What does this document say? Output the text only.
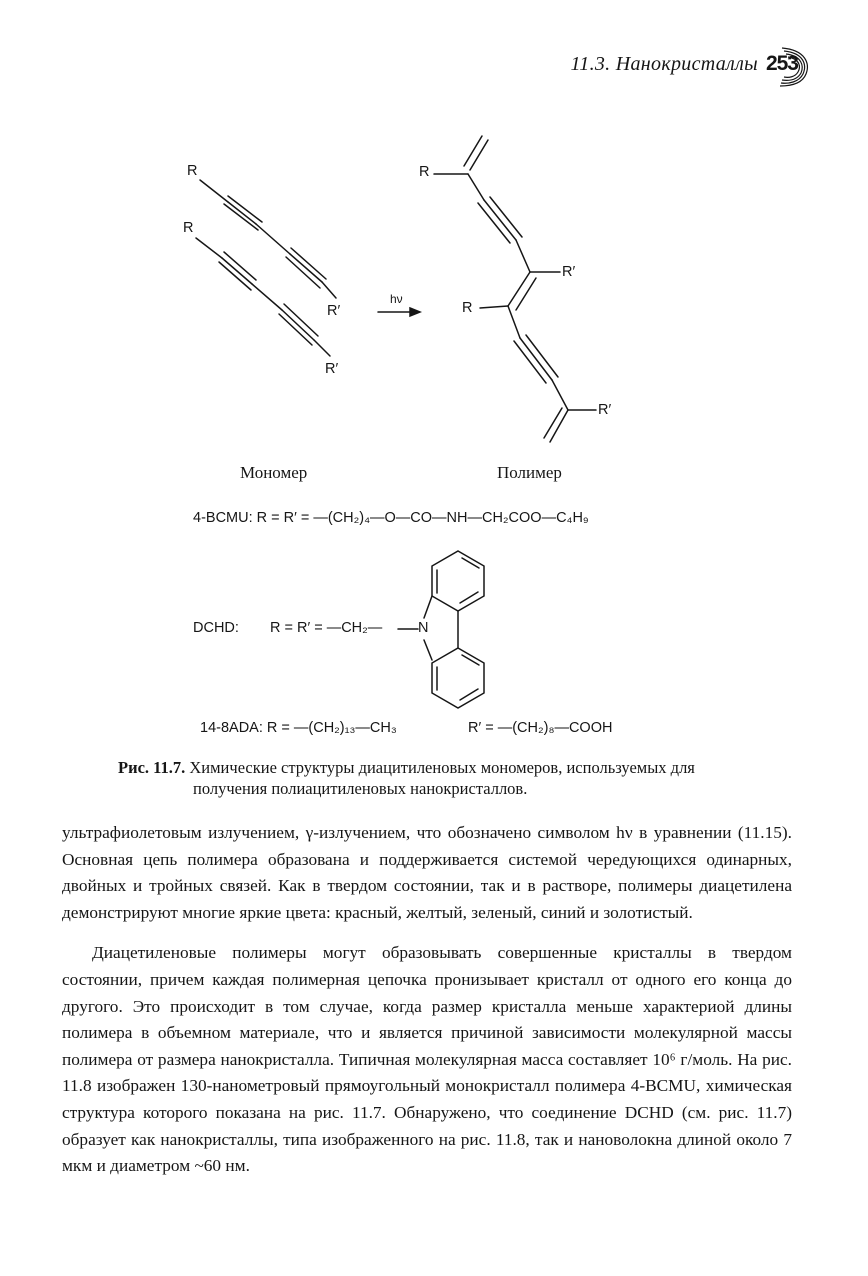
11.3. Нанокристаллы 253
R
R
R′
R′
hν
R
R′
R
R′
Мономер	Полимер
4-BCMU: R = R′ = —(CH₂)₄—O—CO—NH—CH₂COO—C₄H₉
DCHD: R = R′ = —CH₂— N
14-8ADA: R = —(CH₂)₁₃—CH₃	R′ = —(CH₂)₈—COOH
Рис. 11.7. Химические структуры диацитиленовых мономеров, используемых для
получения полиацитиленовых нанокристаллов.

ультрафиолетовым излучением, γ-излучением, что обозначено символом hν в уравнении (11.15). Основная цепь полимера образована и поддерживается системой чередующихся одинарных, двойных и тройных связей. Как в твердом состоянии, так и в растворе, полимеры диацетилена демонстрируют многие яркие цвета: красный, желтый, зеленый, синий и золотистый.

Диацетиленовые полимеры могут образовывать совершенные кристаллы в твердом состоянии, причем каждая полимерная цепочка пронизывает кристалл от одного его конца до другого. Это происходит в том случае, когда размер кристалла меньше характериой длины полимера в объемном материале, что и является причиной зависимости молекулярной массы полимера от размера нанокристалла. Типичная молекулярная масса составляет 10⁶ г/моль. На рис. 11.8 изображен 130-нанометровый прямоугольный монокристалл полимера 4-BCMU, химическая структура которого показана на рис. 11.7. Обнаружено, что соединение DCHD (см. рис. 11.7) образует как нанокристаллы, типа изображенного на рис. 11.8, так и нановолокна длиной около 7 мкм и диаметром ~60 нм.
